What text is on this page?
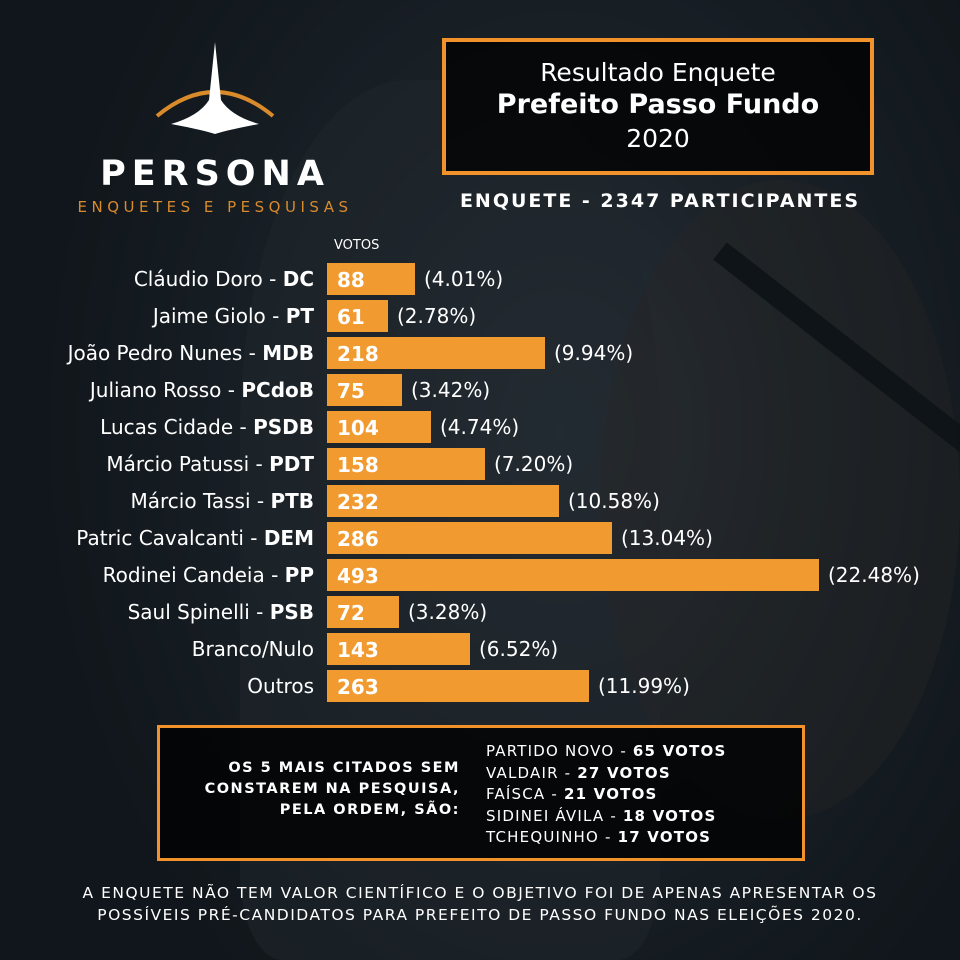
PERSONA
ENQUETES E PESQUISAS
Resultado Enquete
Prefeito Passo Fundo
2020
ENQUETE - 2347 PARTICIPANTES
VOTOS
Cláudio Doro - DC 88	(4.01%)
Jaime Giolo - PT 61 (2.78%)
João Pedro Nunes - MDB 218	(9.94%)
Juliano Rosso - PCdoB 75 (3.42%)
Lucas Cidade - PSDB 104	(4.74%)
Márcio Patussi - PDT 158	(7.20%)
Márcio Tassi - PTB 232	(10.58%)
Patric Cavalcanti - DEM 286	(13.04%)
Rodinei Candeia - PP 493	(22.48%)
Saul Spinelli - PSB 72 (3.28%)
Branco/Nulo 143	(6.52%)
Outros 263	(11.99%)
OS 5 MAIS CITADOS SEM
CONSTAREM NA PESQUISA,
PELA ORDEM, SÃO:
PARTIDO NOVO - 65 VOTOS
VALDAIR - 27 VOTOS
FAÍSCA - 21 VOTOS
SIDINEI ÁVILA - 18 VOTOS
TCHEQUINHO - 17 VOTOS
A ENQUETE NÃO TEM VALOR CIENTÍFICO E O OBJETIVO FOI DE APENAS APRESENTAR OS
POSSÍVEIS PRÉ-CANDIDATOS PARA PREFEITO DE PASSO FUNDO NAS ELEIÇÕES 2020.
